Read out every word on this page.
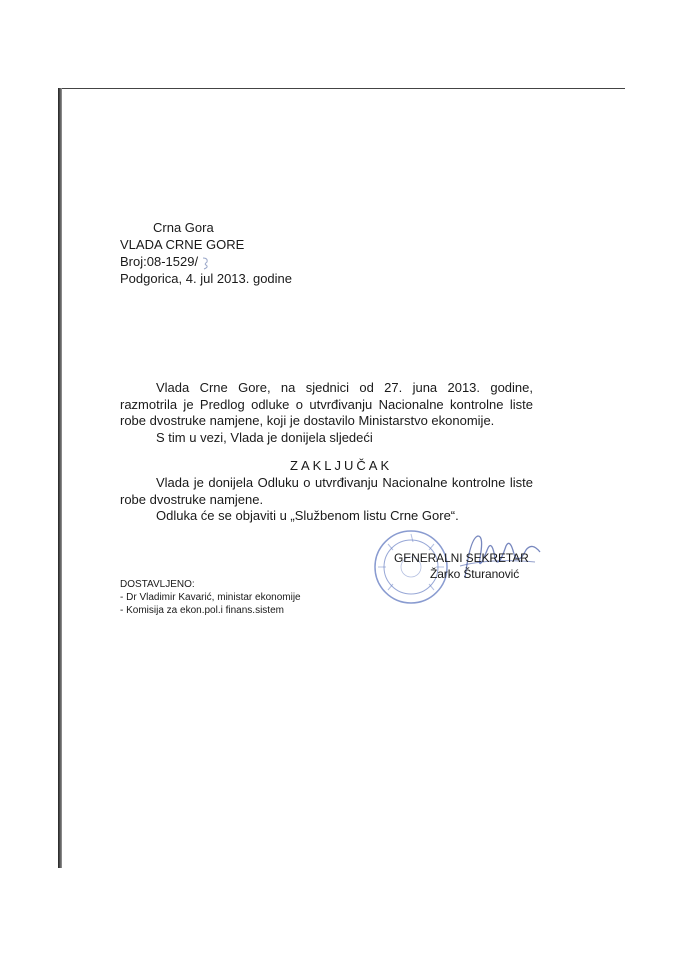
Crna Gora
VLADA CRNE GORE
Broj:08-1529/
Podgorica, 4. jul 2013. godine

Vlada Crne Gore, na sjednici od 27. juna 2013. godine, razmotrila je Predlog odluke o utvrđivanju Nacionalne kontrolne liste robe dvostruke namjene, koji je dostavilo Ministarstvo ekonomije.

S tim u vezi, Vlada je donijela sljedeći

ZAKLJUČAK

Vlada je donijela Odluku o utvrđivanju Nacionalne kontrolne liste robe dvostruke namjene.

Odluka će se objaviti u „Službenom listu Crne Gore“.

GENERALNI SEKRETAR
Žarko Šturanović
DOSTAVLJENO:
- Dr Vladimir Kavarić, ministar ekonomije
- Komisija za ekon.pol.i finans.sistem
